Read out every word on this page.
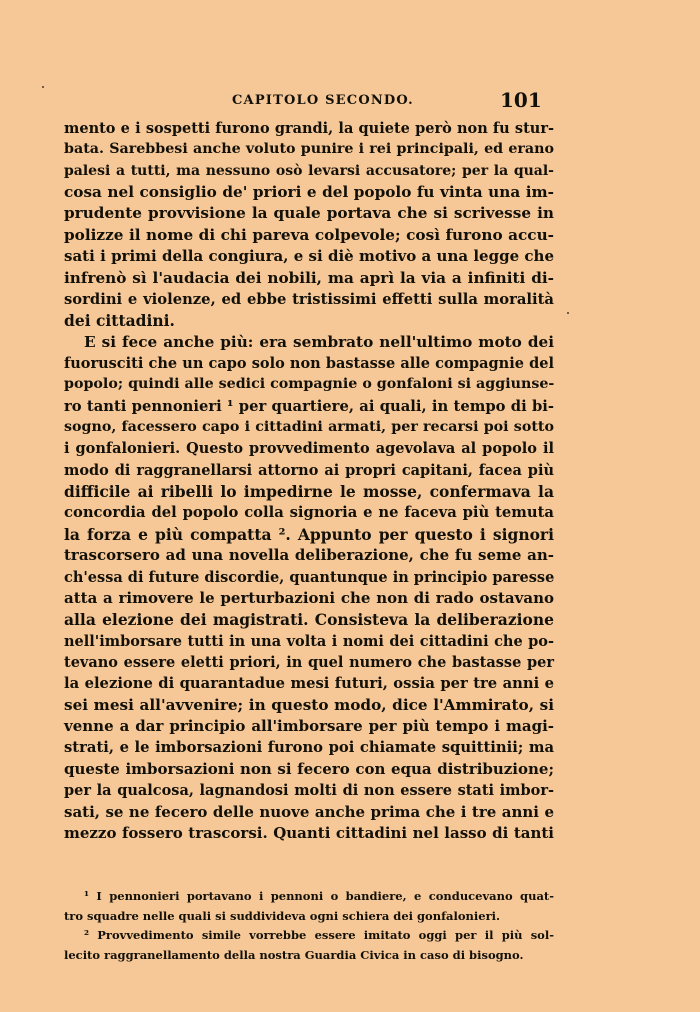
CAPITOLO SECONDO.	101
mento e i sospetti furono grandi, la quiete però non fu stur-
bata. Sarebbesi anche voluto punire i rei principali, ed erano
palesi a tutti, ma nessuno osò levarsi accusatore; per la qual-
cosa nel consiglio de' priori e del popolo fu vinta una im-
prudente provvisione la quale portava che si scrivesse in
polizze il nome di chi pareva colpevole; così furono accu-
sati i primi della congiura, e si diè motivo a una legge che
infrenò sì l'audacia dei nobili, ma aprì la via a infiniti di-
sordini e violenze, ed ebbe tristissimi effetti sulla moralità
dei cittadini.
E si fece anche più: era sembrato nell'ultimo moto dei
fuorusciti che un capo solo non bastasse alle compagnie del
popolo; quindi alle sedici compagnie o gonfaloni si aggiunse-
ro tanti pennonieri ¹ per quartiere, ai quali, in tempo di bi-
sogno, facessero capo i cittadini armati, per recarsi poi sotto
i gonfalonieri. Questo provvedimento agevolava al popolo il
modo di raggranellarsi attorno ai propri capitani, facea più
difficile ai ribelli lo impedirne le mosse, confermava la
concordia del popolo colla signoria e ne faceva più temuta
la forza e più compatta ². Appunto per questo i signori
trascorsero ad una novella deliberazione, che fu seme an-
ch'essa di future discordie, quantunque in principio paresse
atta a rimovere le perturbazioni che non di rado ostavano
alla elezione dei magistrati. Consisteva la deliberazione
nell'imborsare tutti in una volta i nomi dei cittadini che po-
tevano essere eletti priori, in quel numero che bastasse per
la elezione di quarantadue mesi futuri, ossia per tre anni e
sei mesi all'avvenire; in questo modo, dice l'Ammirato, si
venne a dar principio all'imborsare per più tempo i magi-
strati, e le imborsazioni furono poi chiamate squittinii; ma
queste imborsazioni non si fecero con equa distribuzione;
per la qualcosa, lagnandosi molti di non essere stati imbor-
sati, se ne fecero delle nuove anche prima che i tre anni e
mezzo fossero trascorsi. Quanti cittadini nel lasso di tanti
¹ I pennonieri portavano i pennoni o bandiere, e conducevano quat-
tro squadre nelle quali si suddivideva ogni schiera dei gonfalonieri.
² Provvedimento simile vorrebbe essere imitato oggi per il più sol-
lecito raggranellamento della nostra Guardia Civica in caso di bisogno.
